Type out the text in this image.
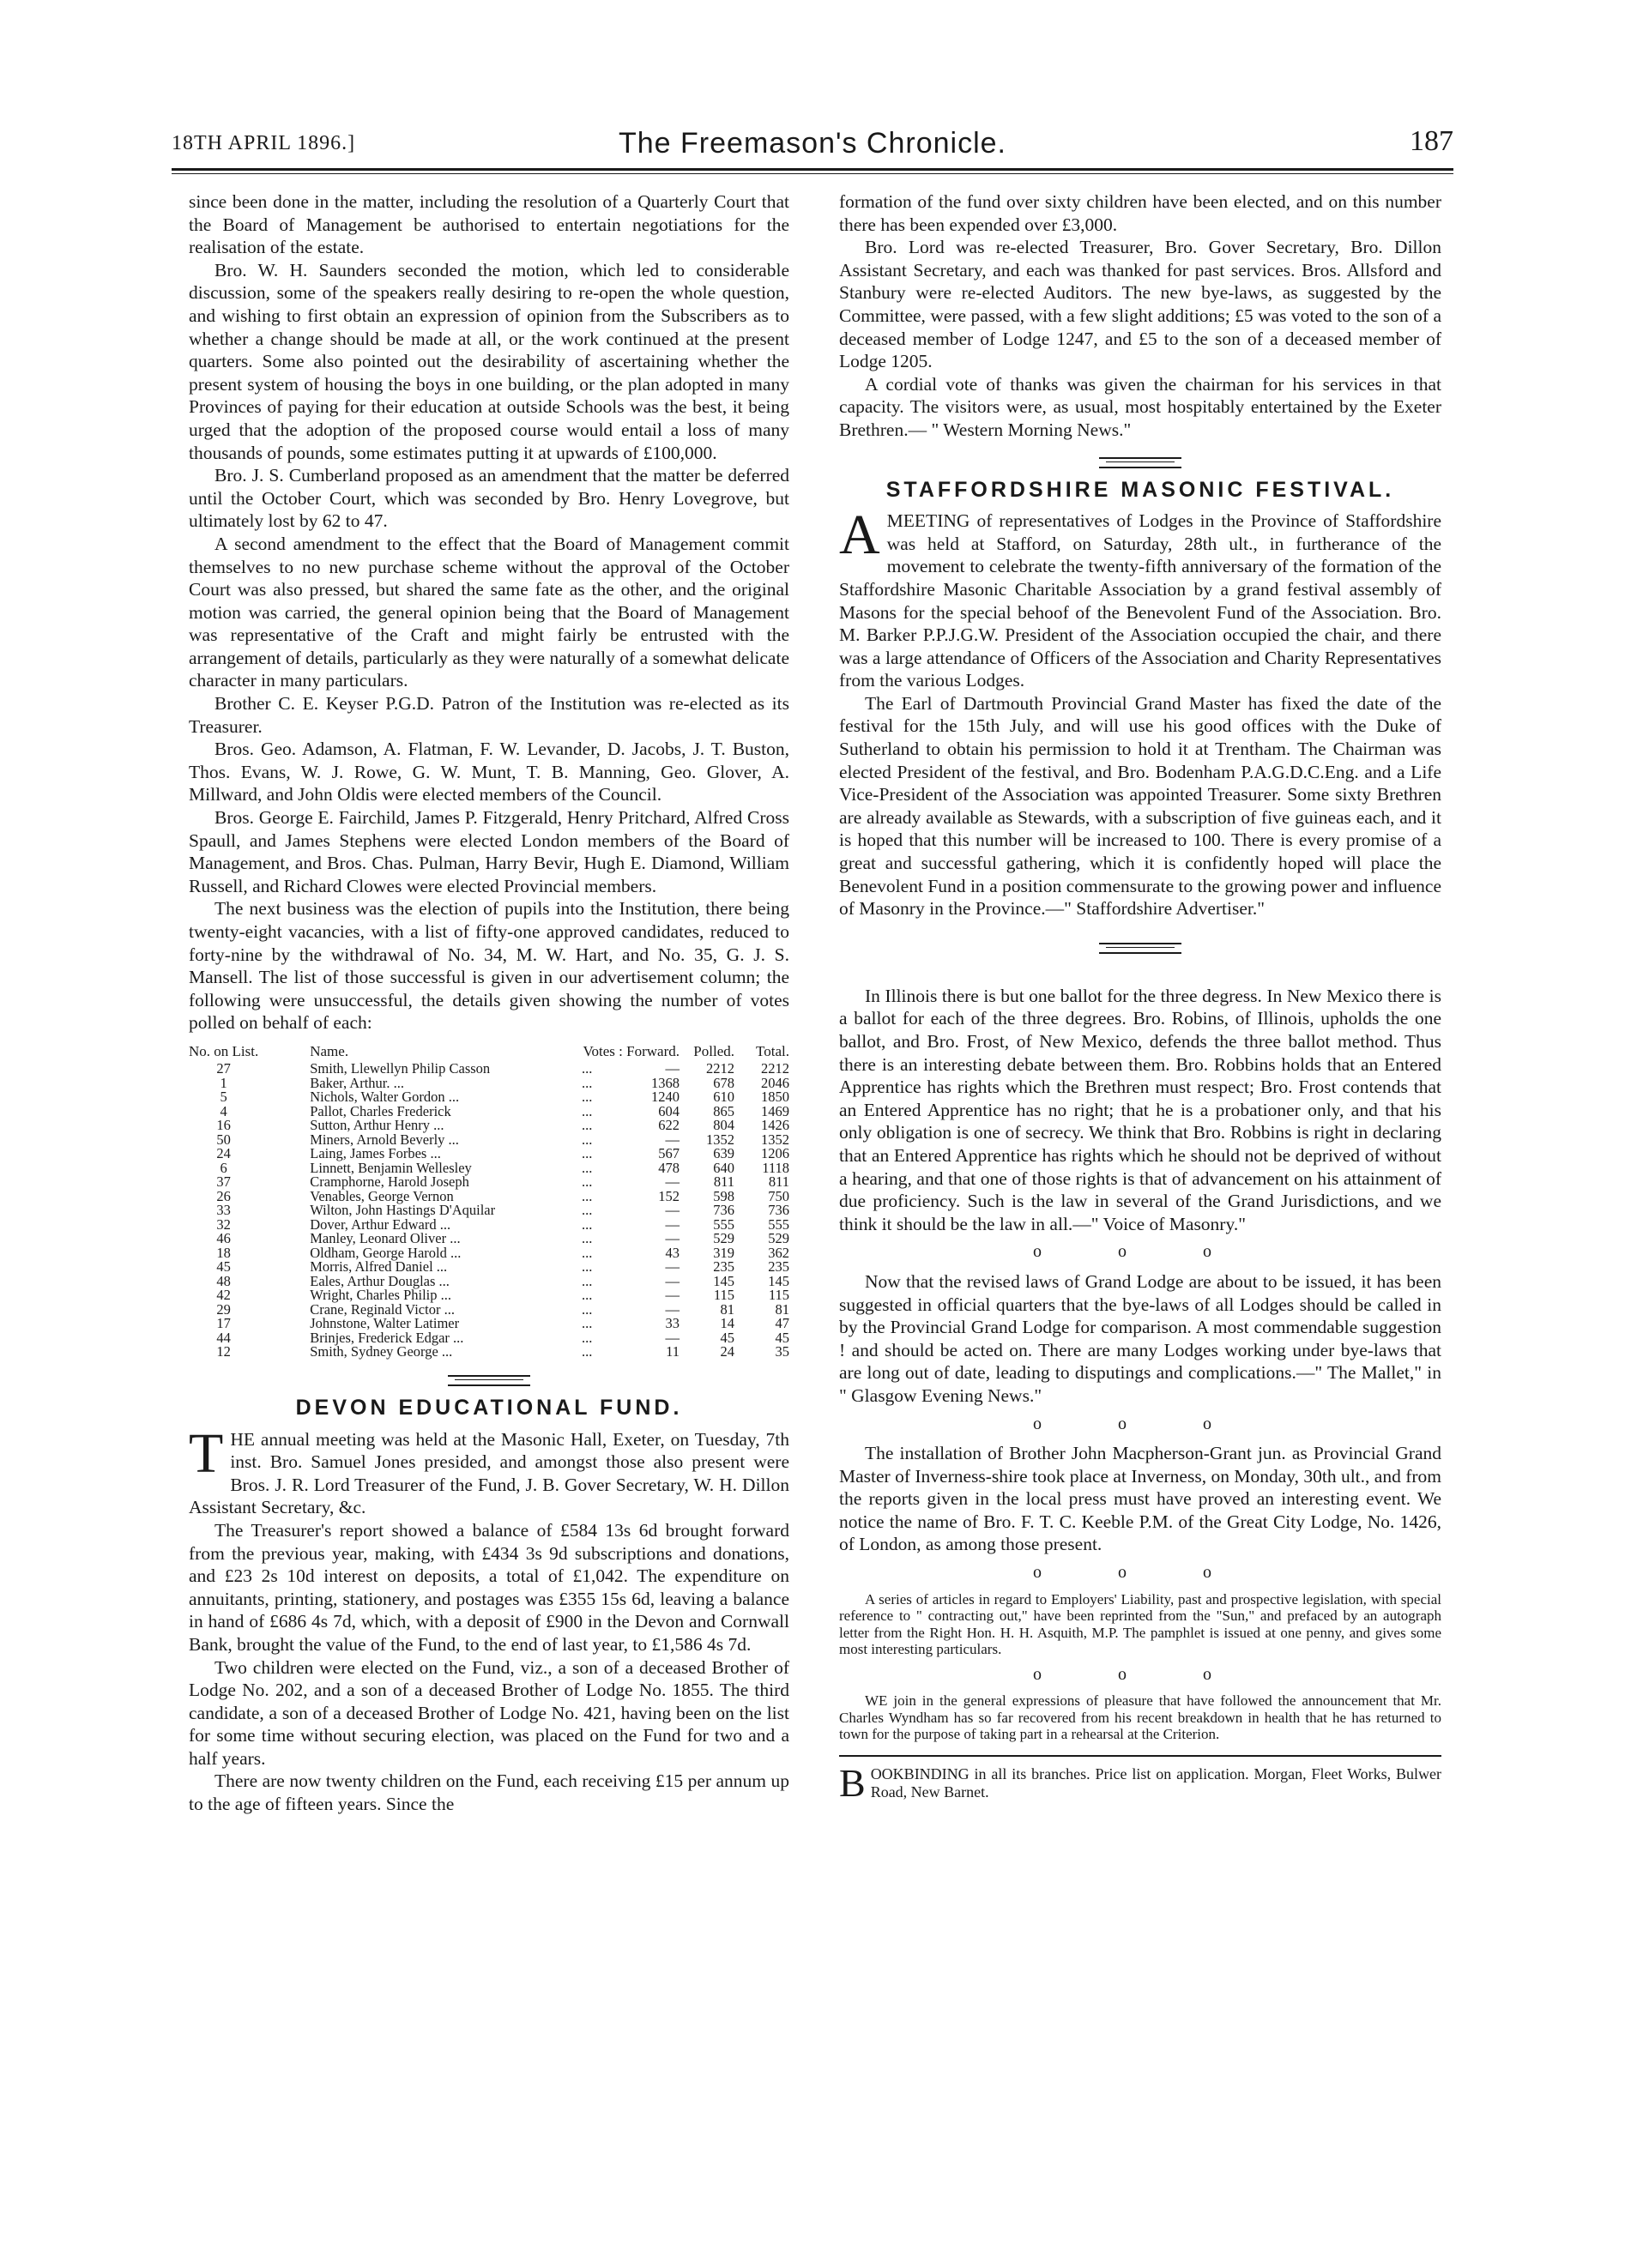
18TH APRIL 1896.]	The Freemason's Chronicle.	187

since been done in the matter, including the resolution of a Quarterly Court that the Board of Management be authorised to entertain negotiations for the realisation of the estate.

Bro. W. H. Saunders seconded the motion, which led to considerable discussion, some of the speakers really desiring to re-open the whole question, and wishing to first obtain an expression of opinion from the Subscribers as to whether a change should be made at all, or the work continued at the present quarters. Some also pointed out the desirability of ascertaining whether the present system of housing the boys in one building, or the plan adopted in many Provinces of paying for their education at outside Schools was the best, it being urged that the adoption of the proposed course would entail a loss of many thousands of pounds, some estimates putting it at upwards of £100,000.

Bro. J. S. Cumberland proposed as an amendment that the matter be deferred until the October Court, which was seconded by Bro. Henry Lovegrove, but ultimately lost by 62 to 47.

A second amendment to the effect that the Board of Management commit themselves to no new purchase scheme without the approval of the October Court was also pressed, but shared the same fate as the other, and the original motion was carried, the general opinion being that the Board of Management was representative of the Craft and might fairly be entrusted with the arrangement of details, particularly as they were naturally of a somewhat delicate character in many particulars.

Brother C. E. Keyser P.G.D. Patron of the Institution was re-elected as its Treasurer.

Bros. Geo. Adamson, A. Flatman, F. W. Levander, D. Jacobs, J. T. Buston, Thos. Evans, W. J. Rowe, G. W. Munt, T. B. Manning, Geo. Glover, A. Millward, and John Oldis were elected members of the Council.

Bros. George E. Fairchild, James P. Fitzgerald, Henry Pritchard, Alfred Cross Spaull, and James Stephens were elected London members of the Board of Management, and Bros. Chas. Pulman, Harry Bevir, Hugh E. Diamond, William Russell, and Richard Clowes were elected Provincial members.

The next business was the election of pupils into the Institution, there being twenty-eight vacancies, with a list of fifty-one approved candidates, reduced to forty-nine by the withdrawal of No. 34, M. W. Hart, and No. 35, G. J. S. Mansell. The list of those successful is given in our advertisement column; the following were unsuccessful, the details given showing the number of votes polled on behalf of each:

No. on List.	Name.	Votes : Forward.		Polled.	Total.
27	Smith, Llewellyn Philip Casson	...	—	2212	2212
1	Baker, Arthur. ...	...	1368	678	2046
5	Nichols, Walter Gordon ...	...	1240	610	1850
4	Pallot, Charles Frederick	...	604	865	1469
16	Sutton, Arthur Henry ...	...	622	804	1426
50	Miners, Arnold Beverly ...	...	—	1352	1352
24	Laing, James Forbes ...	...	567	639	1206
6	Linnett, Benjamin Wellesley	...	478	640	1118
37	Cramphorne, Harold Joseph	...	—	811	811
26	Venables, George Vernon	...	152	598	750
33	Wilton, John Hastings D'Aquilar	...	—	736	736
32	Dover, Arthur Edward ...	...	—	555	555
46	Manley, Leonard Oliver ...	...	—	529	529
18	Oldham, George Harold ...	...	43	319	362
45	Morris, Alfred Daniel ...	...	—	235	235
48	Eales, Arthur Douglas ...	...	—	145	145
42	Wright, Charles Philip ...	...	—	115	115
29	Crane, Reginald Victor ...	...	—	81	81
17	Johnstone, Walter Latimer	...	33	14	47
44	Brinjes, Frederick Edgar ...	...	—	45	45
12	Smith, Sydney George ...	...	11	24	35
DEVON EDUCATIONAL FUND.

THE annual meeting was held at the Masonic Hall, Exeter, on Tuesday, 7th inst. Bro. Samuel Jones presided, and amongst those also present were Bros. J. R. Lord Treasurer of the Fund, J. B. Gover Secretary, W. H. Dillon Assistant Secretary, &c.

The Treasurer's report showed a balance of £584 13s 6d brought forward from the previous year, making, with £434 3s 9d subscriptions and donations, and £23 2s 10d interest on deposits, a total of £1,042. The expenditure on annuitants, printing, stationery, and postages was £355 15s 6d, leaving a balance in hand of £686 4s 7d, which, with a deposit of £900 in the Devon and Cornwall Bank, brought the value of the Fund, to the end of last year, to £1,586 4s 7d.

Two children were elected on the Fund, viz., a son of a deceased Brother of Lodge No. 202, and a son of a deceased Brother of Lodge No. 1855. The third candidate, a son of a deceased Brother of Lodge No. 421, having been on the list for some time without securing election, was placed on the Fund for two and a half years.

There are now twenty children on the Fund, each receiving £15 per annum up to the age of fifteen years. Since the

formation of the fund over sixty children have been elected, and on this number there has been expended over £3,000.

Bro. Lord was re-elected Treasurer, Bro. Gover Secretary, Bro. Dillon Assistant Secretary, and each was thanked for past services. Bros. Allsford and Stanbury were re-elected Auditors. The new bye-laws, as suggested by the Committee, were passed, with a few slight additions; £5 was voted to the son of a deceased member of Lodge 1247, and £5 to the son of a deceased member of Lodge 1205.

A cordial vote of thanks was given the chairman for his services in that capacity. The visitors were, as usual, most hospitably entertained by the Exeter Brethren.— " Western Morning News."

STAFFORDSHIRE MASONIC FESTIVAL.

AMEETING of representatives of Lodges in the Province of Staffordshire was held at Stafford, on Saturday, 28th ult., in furtherance of the movement to celebrate the twenty-fifth anniversary of the formation of the Staffordshire Masonic Charitable Association by a grand festival assembly of Masons for the special behoof of the Benevolent Fund of the Association. Bro. M. Barker P.P.J.G.W. President of the Association occupied the chair, and there was a large attendance of Officers of the Association and Charity Representatives from the various Lodges.

The Earl of Dartmouth Provincial Grand Master has fixed the date of the festival for the 15th July, and will use his good offices with the Duke of Sutherland to obtain his permission to hold it at Trentham. The Chairman was elected President of the festival, and Bro. Bodenham P.A.G.D.C.Eng. and a Life Vice-President of the Association was appointed Treasurer. Some sixty Brethren are already available as Stewards, with a subscription of five guineas each, and it is hoped that this number will be increased to 100. There is every promise of a great and successful gathering, which it is confidently hoped will place the Benevolent Fund in a position commensurate to the growing power and influence of Masonry in the Province.—" Staffordshire Advertiser."

In Illinois there is but one ballot for the three degress. In New Mexico there is a ballot for each of the three degrees. Bro. Robins, of Illinois, upholds the one ballot, and Bro. Frost, of New Mexico, defends the three ballot method. Thus there is an interesting debate between them. Bro. Robbins holds that an Entered Apprentice has rights which the Brethren must respect; Bro. Frost contends that an Entered Apprentice has no right; that he is a probationer only, and that his only obligation is one of secrecy. We think that Bro. Robbins is right in declaring that an Entered Apprentice has rights which he should not be deprived of without a hearing, and that one of those rights is that of advancement on his attainment of due proficiency. Such is the law in several of the Grand Jurisdictions, and we think it should be the law in all.—" Voice of Masonry."

o o o

Now that the revised laws of Grand Lodge are about to be issued, it has been suggested in official quarters that the bye-laws of all Lodges should be called in by the Provincial Grand Lodge for comparison. A most commendable suggestion ! and should be acted on. There are many Lodges working under bye-laws that are long out of date, leading to disputings and complications.—" The Mallet," in " Glasgow Evening News."

o o o

The installation of Brother John Macpherson-Grant jun. as Provincial Grand Master of Inverness-shire took place at Inverness, on Monday, 30th ult., and from the reports given in the local press must have proved an interesting event. We notice the name of Bro. F. T. C. Keeble P.M. of the Great City Lodge, No. 1426, of London, as among those present.

o o o

A series of articles in regard to Employers' Liability, past and prospective legislation, with special reference to " contracting out," have been reprinted from the "Sun," and prefaced by an autograph letter from the Right Hon. H. H. Asquith, M.P. The pamphlet is issued at one penny, and gives some most interesting particulars.

o o o

WE join in the general expressions of pleasure that have followed the announcement that Mr. Charles Wyndham has so far recovered from his recent breakdown in health that he has returned to town for the purpose of taking part in a rehearsal at the Criterion.

BOOKBINDING in all its branches. Price list on application. Morgan, Fleet Works, Bulwer Road, New Barnet.
